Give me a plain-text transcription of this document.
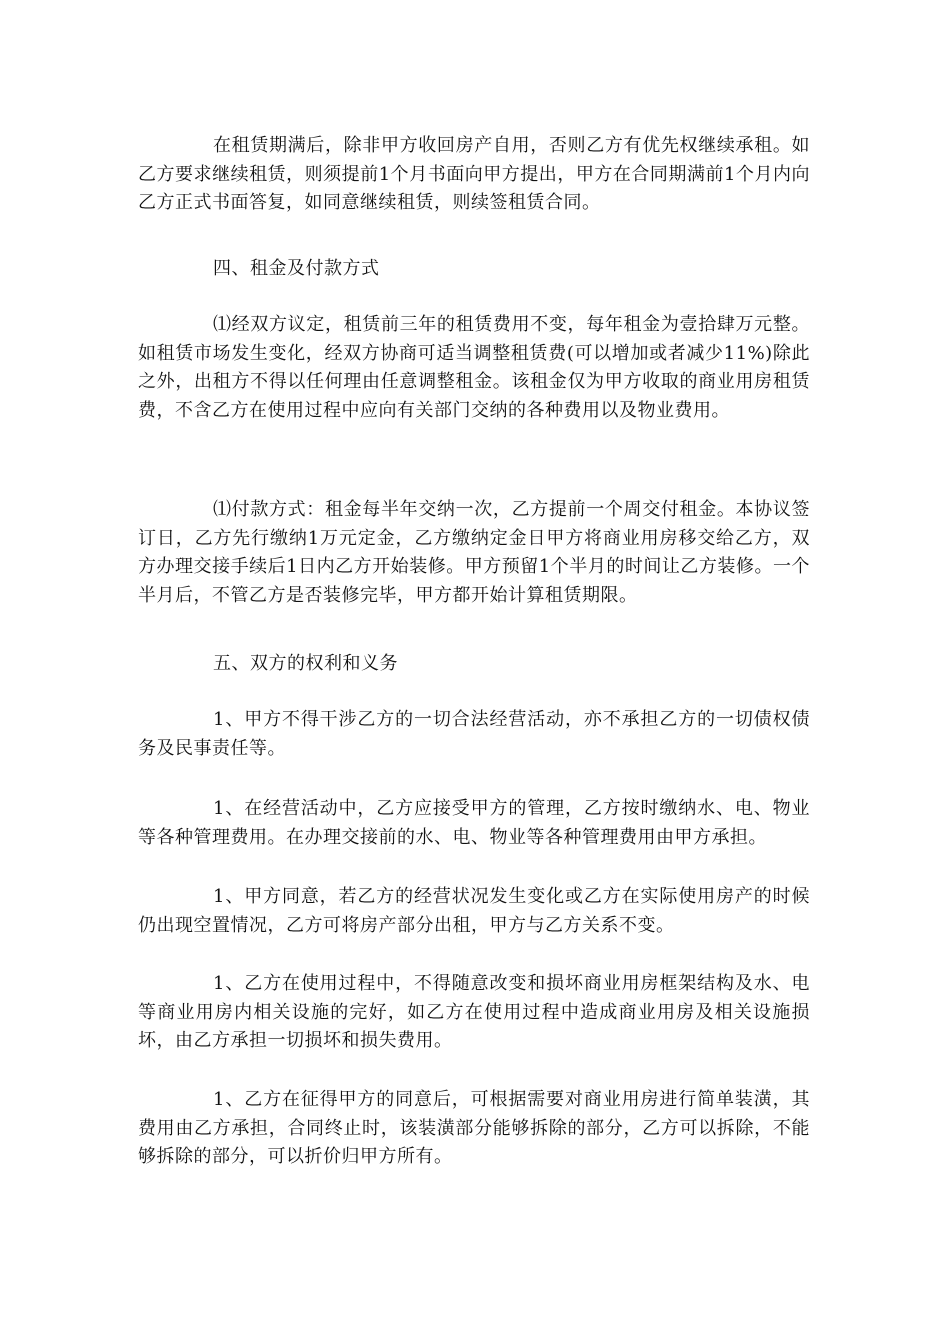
在租赁期满后，除非甲方收回房产自用，否则乙方有优先权继续承租。如乙方要求继续租赁，则须提前1个月书面向甲方提出，甲方在合同期满前1个月内向乙方正式书面答复，如同意继续租赁，则续签租赁合同。

四、租金及付款方式

⑴经双方议定，租赁前三年的租赁费用不变，每年租金为壹拾肆万元整。如租赁市场发生变化，经双方协商可适当调整租赁费(可以增加或者减少11%)除此之外，出租方不得以任何理由任意调整租金。该租金仅为甲方收取的商业用房租赁费，不含乙方在使用过程中应向有关部门交纳的各种费用以及物业费用。

⑴付款方式：租金每半年交纳一次，乙方提前一个周交付租金。本协议签订日，乙方先行缴纳1万元定金，乙方缴纳定金日甲方将商业用房移交给乙方，双方办理交接手续后1日内乙方开始装修。甲方预留1个半月的时间让乙方装修。一个半月后，不管乙方是否装修完毕，甲方都开始计算租赁期限。

五、双方的权利和义务

1、甲方不得干涉乙方的一切合法经营活动，亦不承担乙方的一切债权债务及民事责任等。

1、在经营活动中，乙方应接受甲方的管理，乙方按时缴纳水、电、物业等各种管理费用。在办理交接前的水、电、物业等各种管理费用由甲方承担。

1、甲方同意，若乙方的经营状况发生变化或乙方在实际使用房产的时候仍出现空置情况，乙方可将房产部分出租，甲方与乙方关系不变。

1、乙方在使用过程中，不得随意改变和损坏商业用房框架结构及水、电等商业用房内相关设施的完好，如乙方在使用过程中造成商业用房及相关设施损坏，由乙方承担一切损坏和损失费用。

1、乙方在征得甲方的同意后，可根据需要对商业用房进行简单装潢，其费用由乙方承担，合同终止时，该装潢部分能够拆除的部分，乙方可以拆除，不能够拆除的部分，可以折价归甲方所有。
